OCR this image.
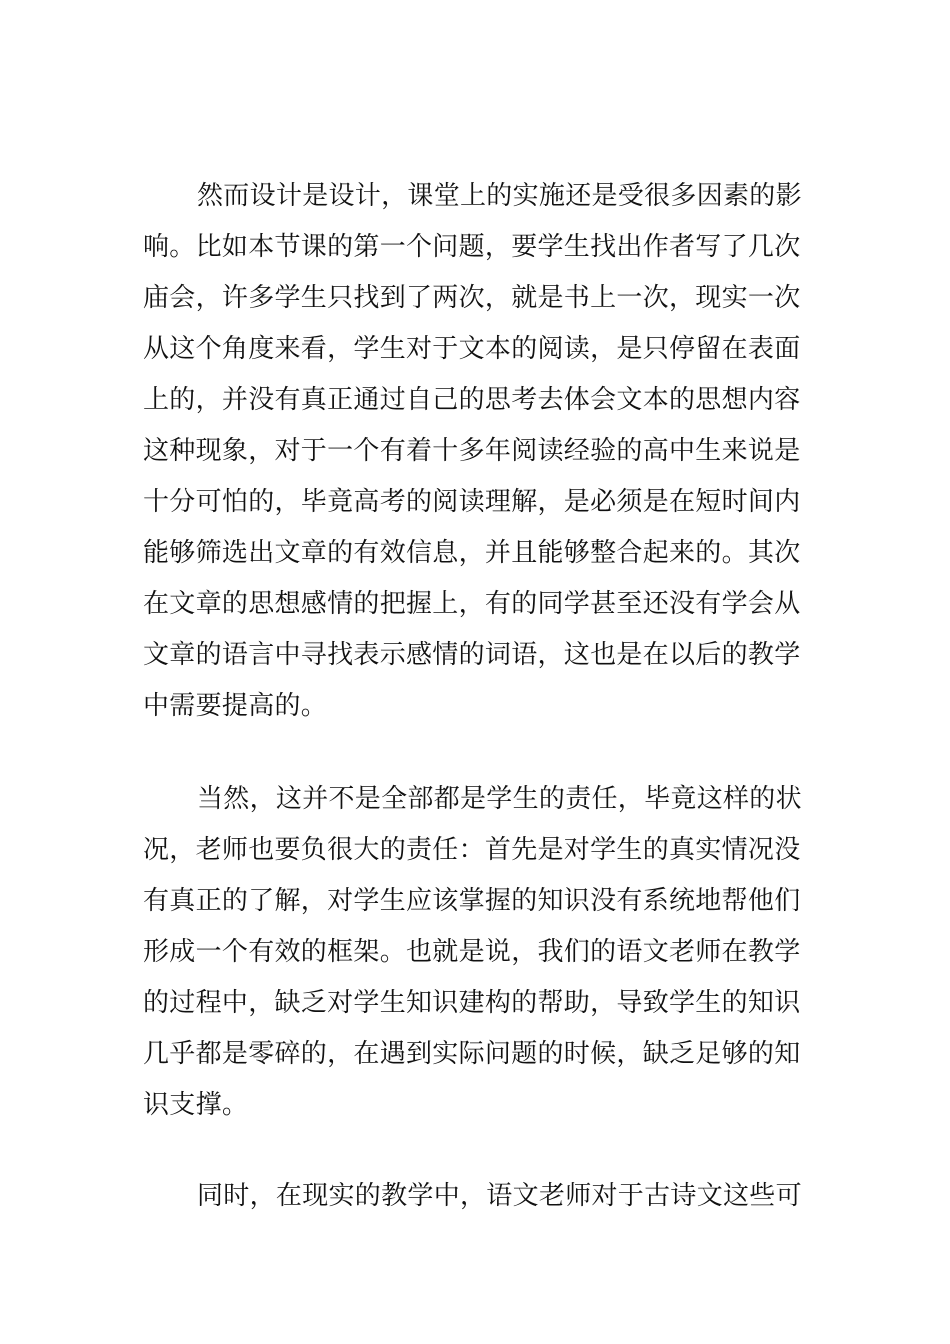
然而设计是设计，课堂上的实施还是受很多因素的影
响。比如本节课的第一个问题，要学生找出作者写了几次
庙会，许多学生只找到了两次，就是书上一次，现实一次
从这个角度来看，学生对于文本的阅读，是只停留在表面
上的，并没有真正通过自己的思考去体会文本的思想内容
这种现象，对于一个有着十多年阅读经验的高中生来说是
十分可怕的，毕竟高考的阅读理解，是必须是在短时间内
能够筛选出文章的有效信息，并且能够整合起来的。其次
在文章的思想感情的把握上，有的同学甚至还没有学会从
文章的语言中寻找表示感情的词语，这也是在以后的教学
中需要提高的。
当然，这并不是全部都是学生的责任，毕竟这样的状
况，老师也要负很大的责任：首先是对学生的真实情况没
有真正的了解，对学生应该掌握的知识没有系统地帮他们
形成一个有效的框架。也就是说，我们的语文老师在教学
的过程中，缺乏对学生知识建构的帮助，导致学生的知识
几乎都是零碎的，在遇到实际问题的时候，缺乏足够的知
识支撑。
同时，在现实的教学中，语文老师对于古诗文这些可
